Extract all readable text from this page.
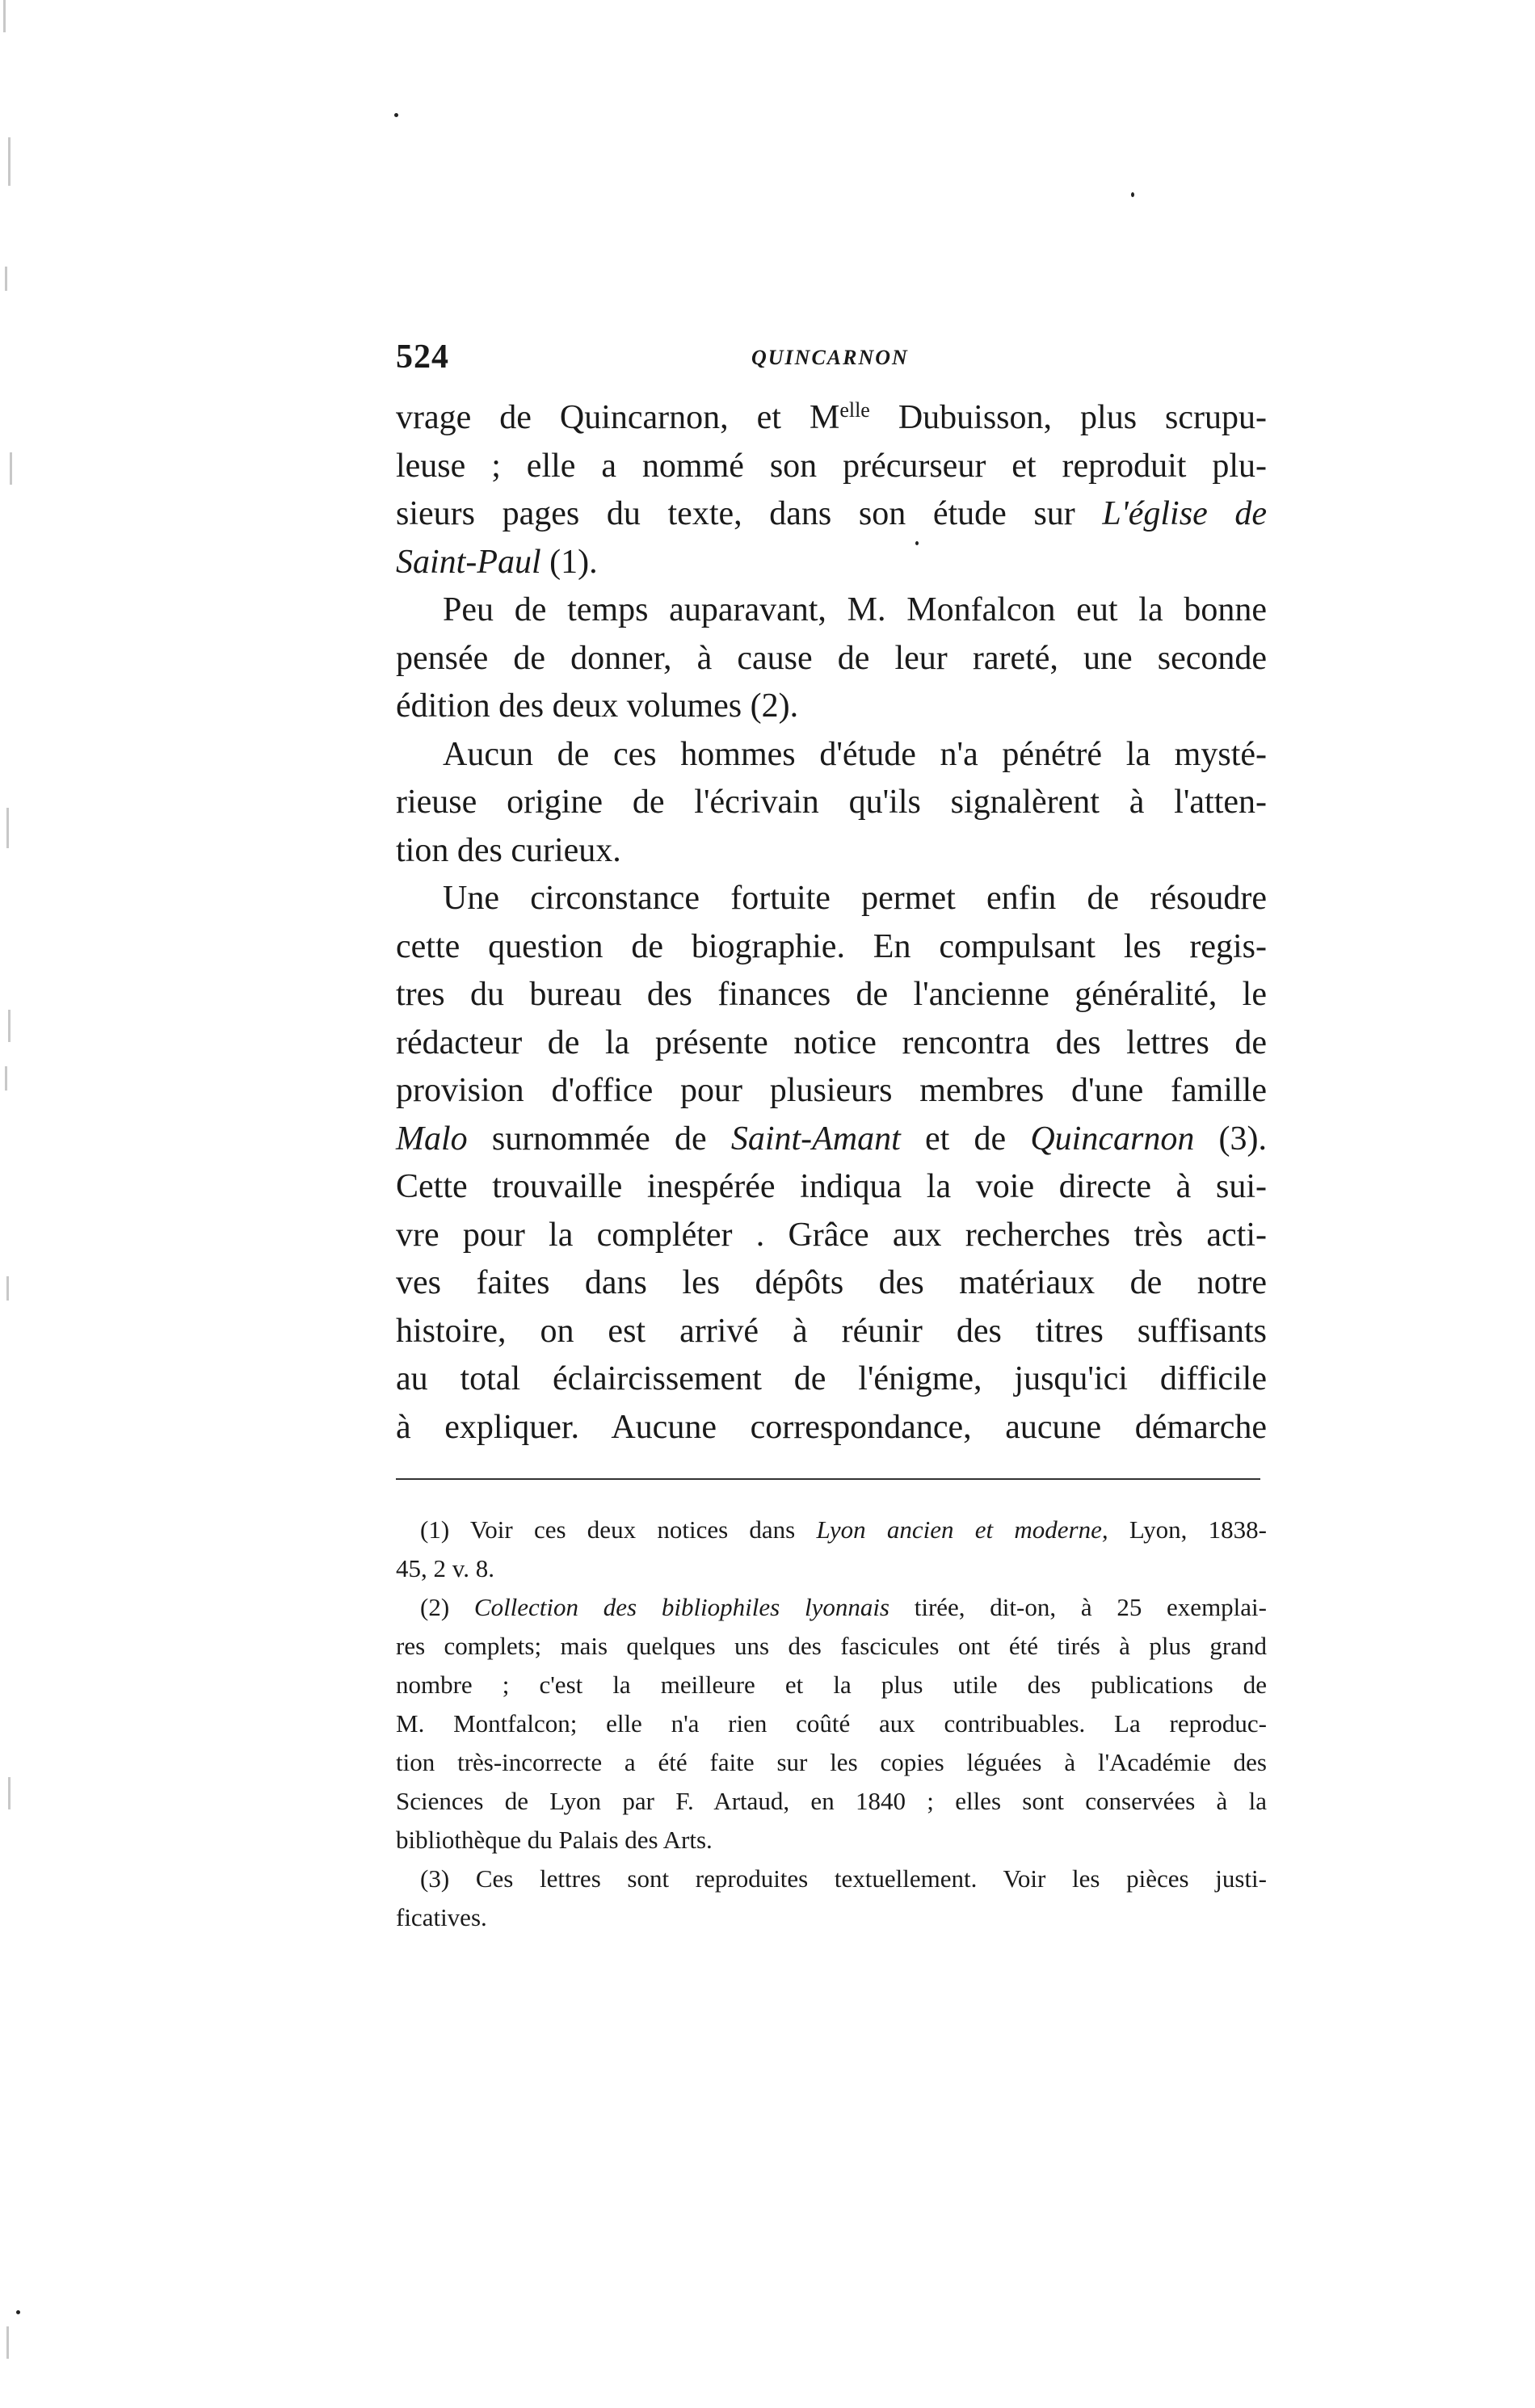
524	QUINCARNON
vrage de Quincarnon, et $M^{elle}$ Dubuisson, plus scrupu-
leuse ; elle a nommé son précurseur et reproduit plu-
sieurs pages du texte, dans son étude sur L'église de
Saint-Paul (1).
Peu de temps auparavant, M. Monfalcon eut la bonne
pensée de donner, à cause de leur rareté, une seconde
édition des deux volumes (2).
Aucun de ces hommes d'étude n'a pénétré la mysté-
rieuse origine de l'écrivain qu'ils signalèrent à l'atten-
tion des curieux.
Une circonstance fortuite permet enfin de résoudre
cette question de biographie. En compulsant les regis-
tres du bureau des finances de l'ancienne généralité, le
rédacteur de la présente notice rencontra des lettres de
provision d'office pour plusieurs membres d'une famille
Malo surnommée de Saint-Amant et de Quincarnon (3).
Cette trouvaille inespérée indiqua la voie directe à sui-
vre pour la compléter . Grâce aux recherches très acti-
ves faites dans les dépôts des matériaux de notre
histoire, on est arrivé à réunir des titres suffisants
au total éclaircissement de l'énigme, jusqu'ici difficile
à expliquer. Aucune correspondance, aucune démarche
(1) Voir ces deux notices dans Lyon ancien et moderne, Lyon, 1838-
45, 2 v. 8.
(2) Collection des bibliophiles lyonnais tirée, dit-on, à 25 exemplai-
res complets; mais quelques uns des fascicules ont été tirés à plus grand
nombre ; c'est la meilleure et la plus utile des publications de
M. Montfalcon; elle n'a rien coûté aux contribuables. La reproduc-
tion très-incorrecte a été faite sur les copies léguées à l'Académie des
Sciences de Lyon par F. Artaud, en 1840 ; elles sont conservées à la
bibliothèque du Palais des Arts.
(3) Ces lettres sont reproduites textuellement. Voir les pièces justi-
ficatives.
